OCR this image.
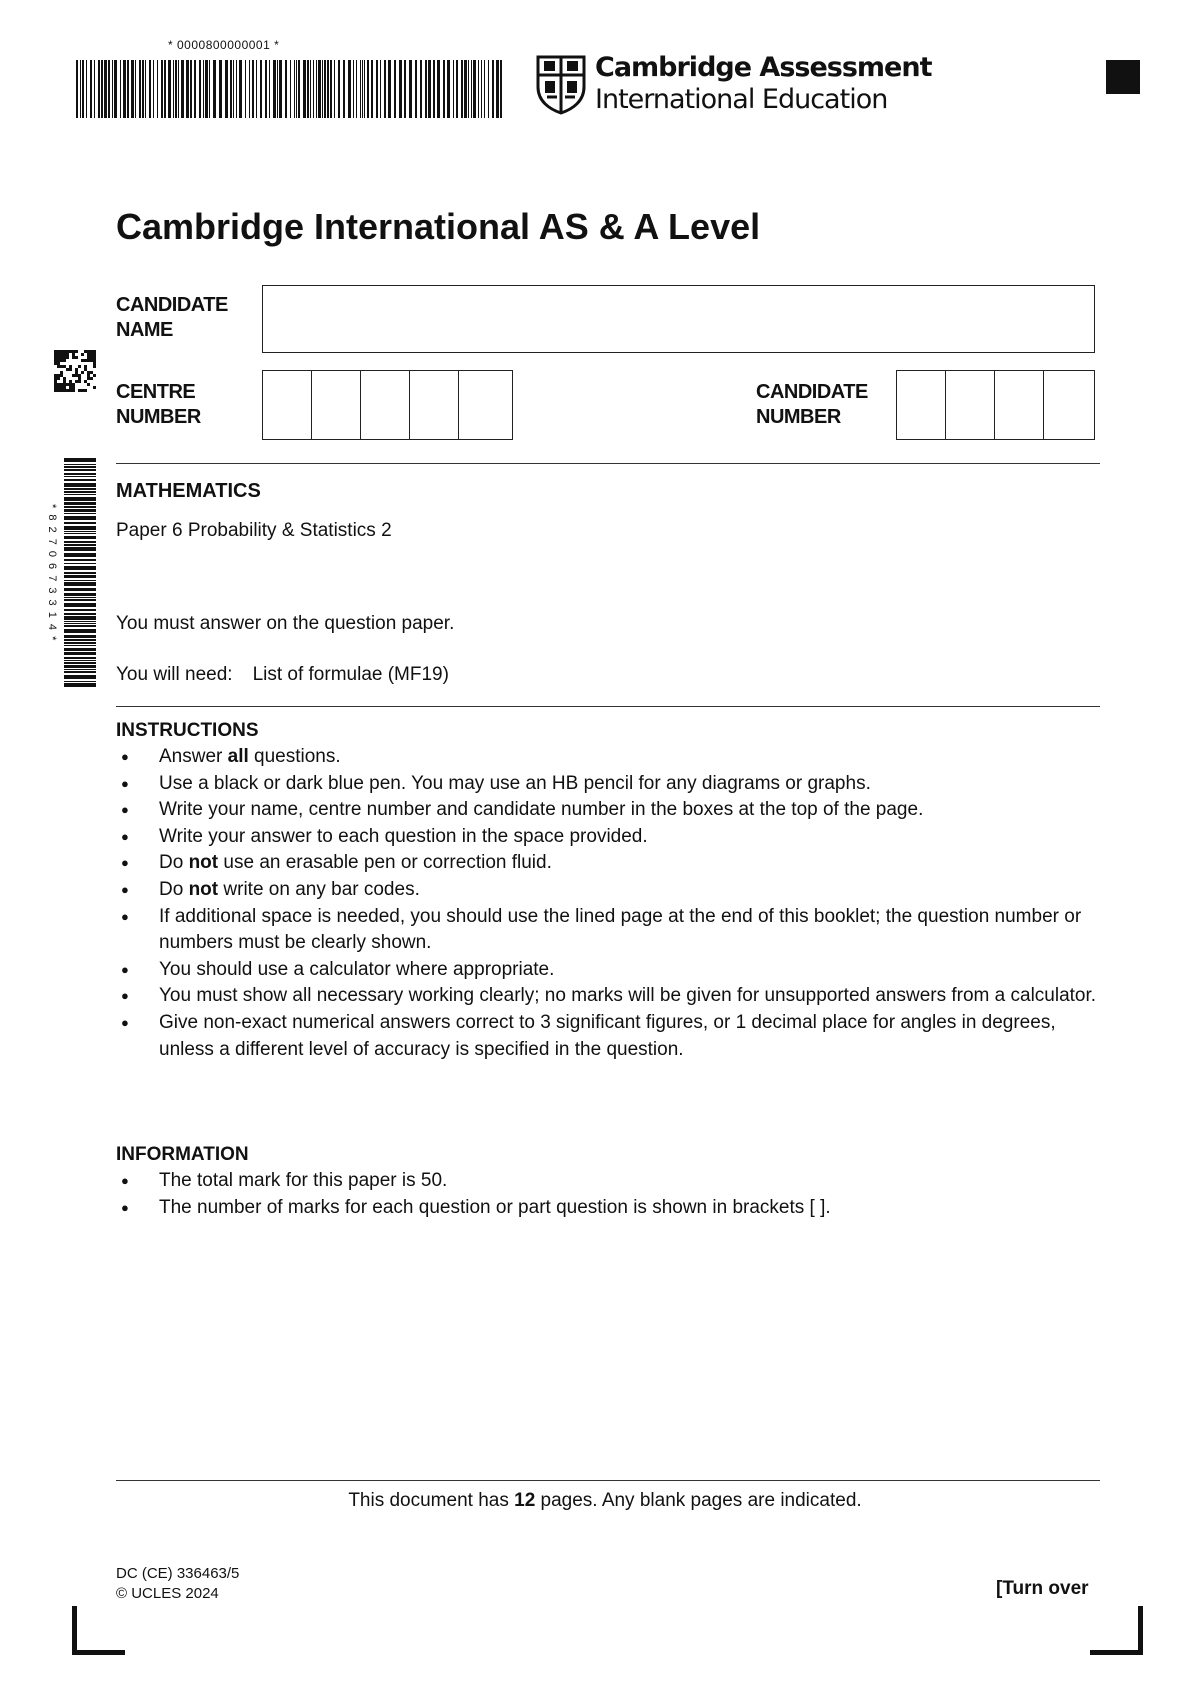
* 0000800000001 *
Cambridge Assessment
International Education
Cambridge International AS & A Level
CANDIDATE
NAME
CENTRE
NUMBER
CANDIDATE
NUMBER
* 8 2 7 0 6 7 3 3 1 4 *
MATHEMATICS
Paper 6 Probability & Statistics 2
You must answer on the question paper.
You will need: List of formulae (MF19)
INSTRUCTIONS
● Answer all questions.
● Use a black or dark blue pen. You may use an HB pencil for any diagrams or graphs.
● Write your name, centre number and candidate number in the boxes at the top of the page.
● Write your answer to each question in the space provided.
● Do not use an erasable pen or correction fluid.
● Do not write on any bar codes.
● If additional space is needed, you should use the lined page at the end of this booklet; the question number or numbers must be clearly shown.
● You should use a calculator where appropriate.
● You must show all necessary working clearly; no marks will be given for unsupported answers from a calculator.
● Give non-exact numerical answers correct to 3 significant figures, or 1 decimal place for angles in degrees, unless a different level of accuracy is specified in the question.
INFORMATION
● The total mark for this paper is 50.
● The number of marks for each question or part question is shown in brackets [ ].
This document has 12 pages. Any blank pages are indicated.
DC (CE) 336463/5
© UCLES 2024	[Turn over
